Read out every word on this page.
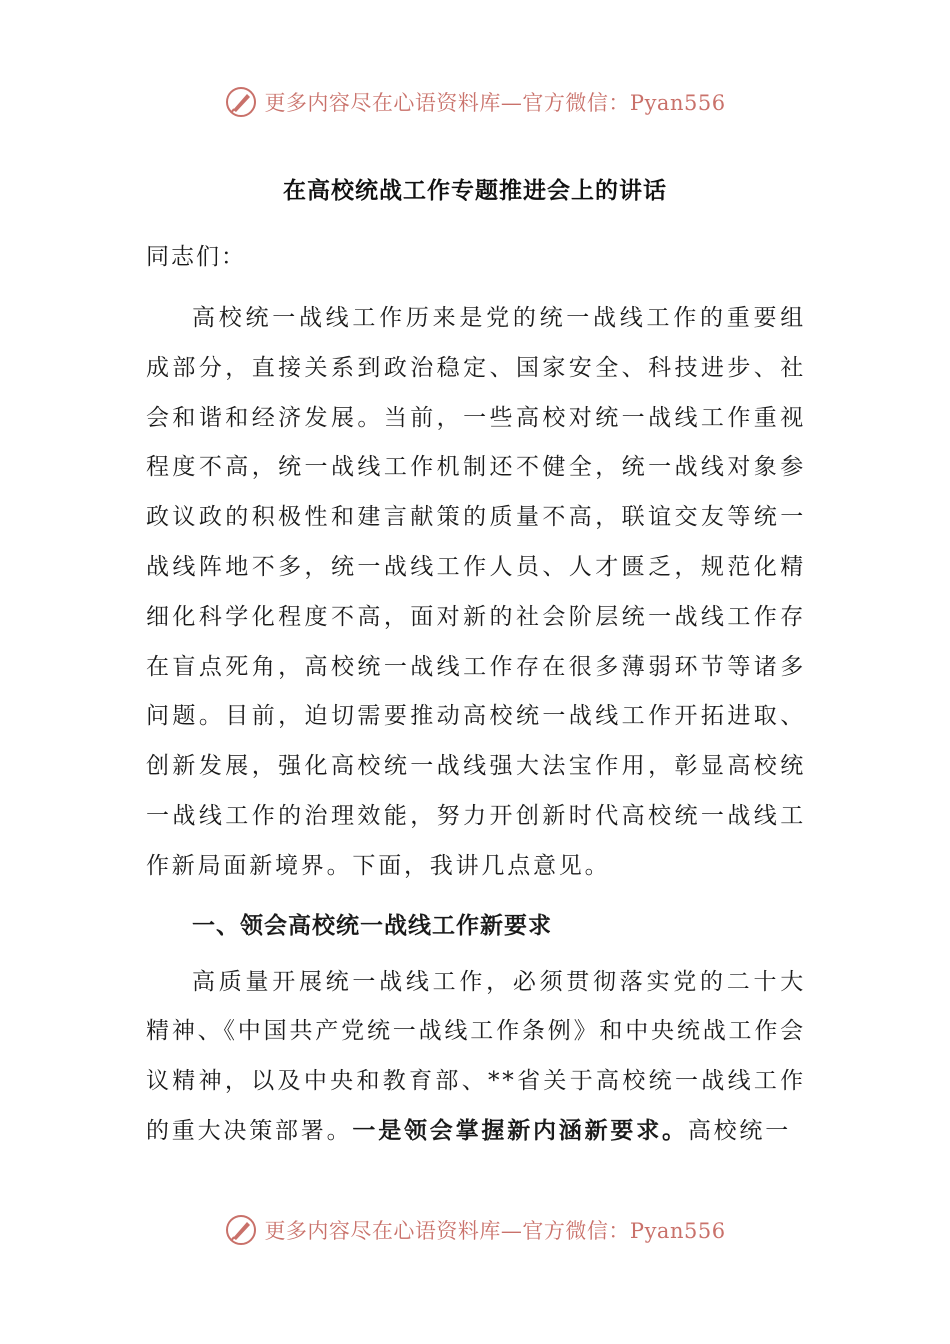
更多内容尽在心语资料库—官方微信：Pyan556
在高校统战工作专题推进会上的讲话
同志们：

高校统一战线工作历来是党的统一战线工作的重要组成部分，直接关系到政治稳定、国家安全、科技进步、社会和谐和经济发展。当前，一些高校对统一战线工作重视程度不高，统一战线工作机制还不健全，统一战线对象参政议政的积极性和建言献策的质量不高，联谊交友等统一战线阵地不多，统一战线工作人员、人才匮乏，规范化精细化科学化程度不高，面对新的社会阶层统一战线工作存在盲点死角，高校统一战线工作存在很多薄弱环节等诸多问题。目前，迫切需要推动高校统一战线工作开拓进取、创新发展，强化高校统一战线强大法宝作用，彰显高校统一战线工作的治理效能，努力开创新时代高校统一战线工作新局面新境界。下面，我讲几点意见。

一、领会高校统一战线工作新要求

高质量开展统一战线工作，必须贯彻落实党的二十大精神、《中国共产党统一战线工作条例》和中央统战工作会议精神，以及中央和教育部、**省关于高校统一战线工作的重大决策部署。一是领会掌握新内涵新要求。高校统一

更多内容尽在心语资料库—官方微信：Pyan556
